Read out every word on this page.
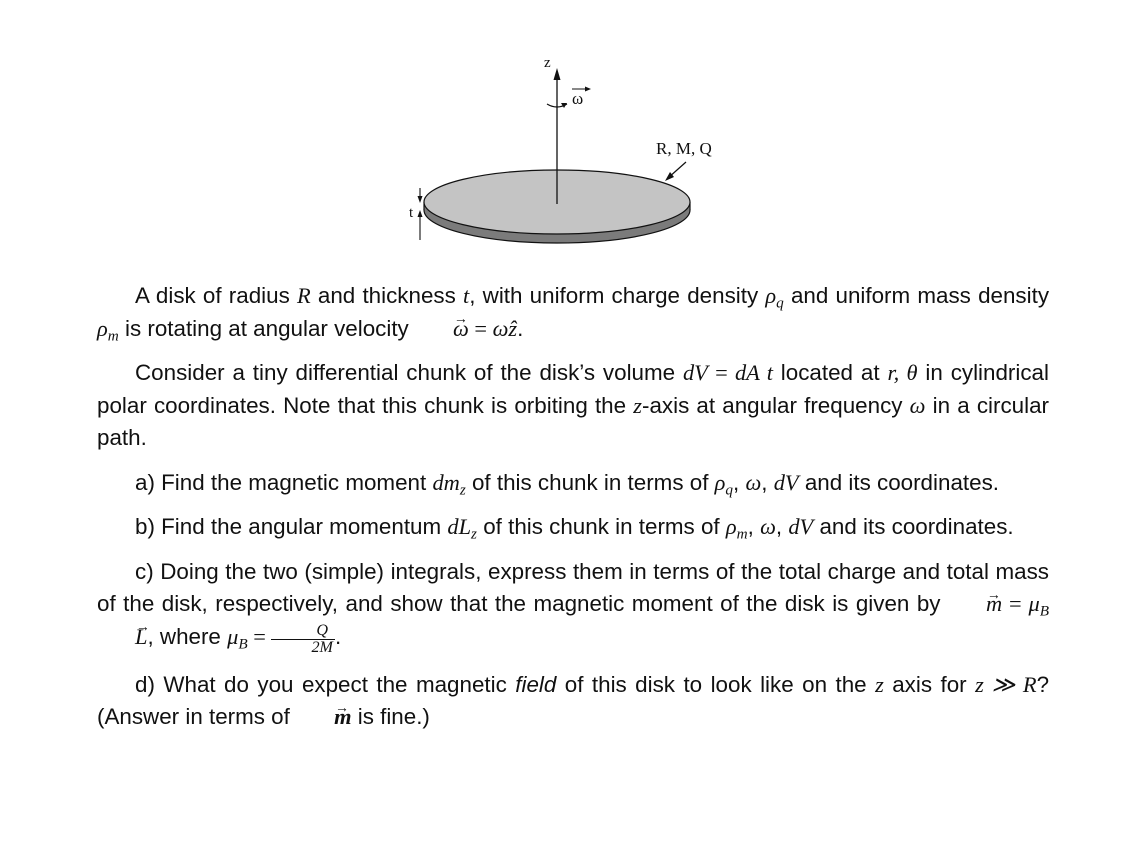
ω
z
R, M, Q
t

A disk of radius R and thickness t, with uniform charge density $\rho_q$ and uniform mass density $\rho_m$ is rotating at angular velocity → ω = ωẑ.

Consider a tiny differential chunk of the disk’s volume dV = dA t located at r, θ in cylindrical polar coordinates. Note that this chunk is orbiting the z-axis at angular frequency ω in a circular path.

a) Find the magnetic moment $dm_z$ of this chunk in terms of $\rho_q$, ω, dV and its coordinates.

b) Find the angular momentum $dL_z$ of this chunk in terms of $\rho_m$, ω, dV and its coordinates.

c) Doing the two (simple) integrals, express them in terms of the total charge and total mass of the disk, respectively, and show that the magnetic moment of the disk is given by → $m = \mu_B\to L$, where $\mu_B = \frac{Q}{2M}$ .

d) What do you expect the magnetic field of this disk to look like on the z axis for z ≫ R? (Answer in terms of → m is fine.)
